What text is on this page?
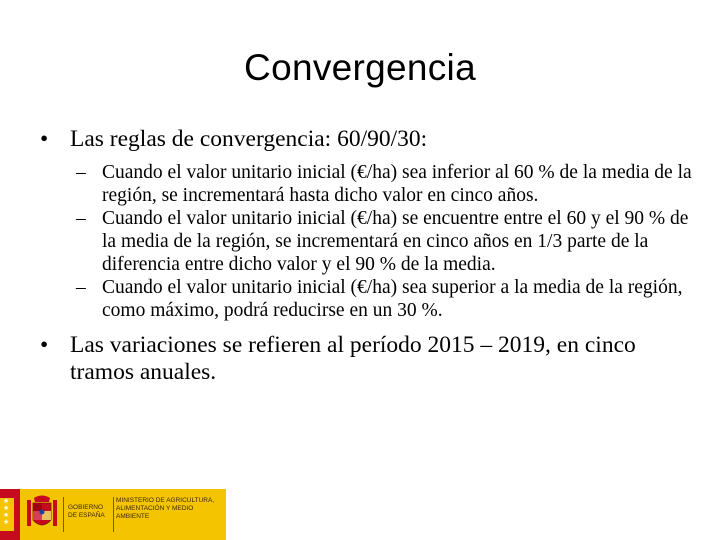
Convergencia
• Las reglas de convergencia: 60/90/30:
– Cuando el valor unitario inicial (€/ha) sea inferior al 60 % de la media de la región, se incrementará hasta dicho valor en cinco años.
– Cuando el valor unitario inicial (€/ha) se encuentre entre el 60 y el 90 % de la media de la región, se incrementará en cinco años en 1/3 parte de la diferencia entre dicho valor y el 90 % de la media.
– Cuando el valor unitario inicial (€/ha) sea superior a la media de la región, como máximo, podrá reducirse en un 30 %.
• Las variaciones se refieren al período 2015 – 2019, en cinco tramos anuales.
★
★
★
★
GOBIERNO DE ESPAÑA
MINISTERIO DE AGRICULTURA, ALIMENTACIÓN Y MEDIO AMBIENTE
